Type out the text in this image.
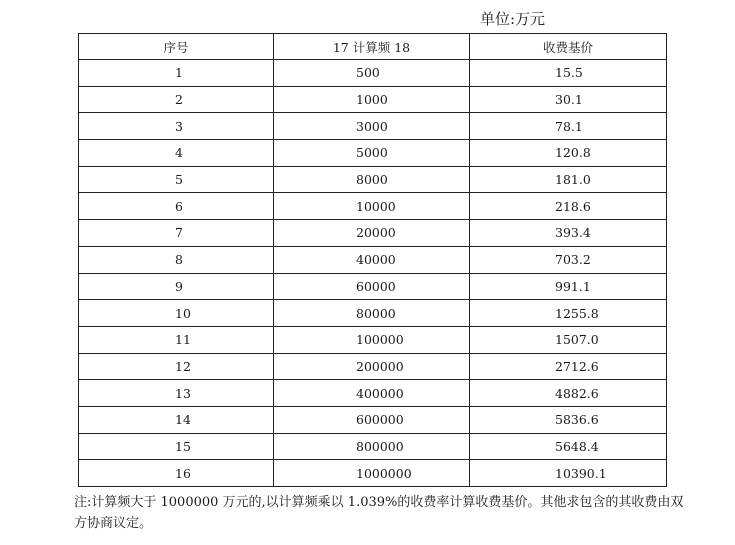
单位:万元
序号	17 计算频 18	收费基价
1	500	15.5
2	1000	30.1
3	3000	78.1
4	5000	120.8
5	8000	181.0
6	10000	218.6
7	20000	393.4
8	40000	703.2
9	60000	991.1
10	80000	1255.8
11	100000	1507.0
12	200000	2712.6
13	400000	4882.6
14	600000	5836.6
15	800000	5648.4
16	1000000	10390.1

注:计算频大于 1000000 万元的,以计算频乘以 1.039%的收费率计算收费基价。其他求包含的其收费由双方协商议定。
